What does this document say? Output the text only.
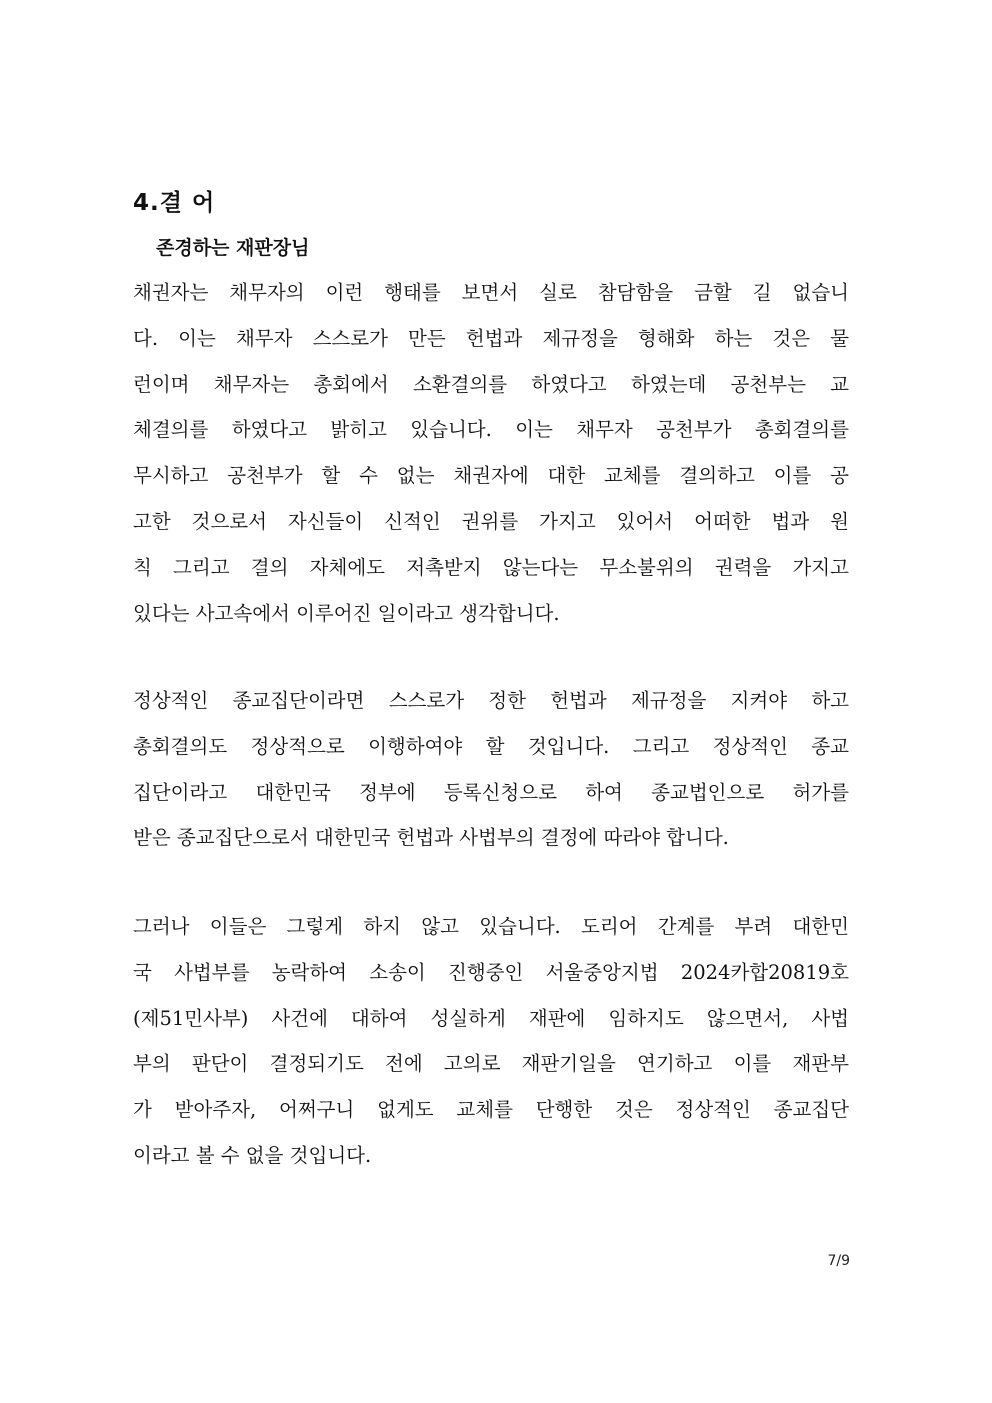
4.결 어

존경하는 재판장님

채권자는 채무자의 이런 행태를 보면서 실로 참담함을 금할 길 없습니
다. 이는 채무자 스스로가 만든 헌법과 제규정을 형해화 하는 것은 물
런이며 채무자는 총회에서 소환결의를 하였다고 하였는데 공천부는 교
체결의를 하였다고 밝히고 있습니다. 이는 채무자 공천부가 총회결의를
무시하고 공천부가 할 수 없는 채권자에 대한 교체를 결의하고 이를 공
고한 것으로서 자신들이 신적인 권위를 가지고 있어서 어떠한 법과 원
칙 그리고 결의 자체에도 저촉받지 않는다는 무소불위의 권력을 가지고
있다는 사고속에서 이루어진 일이라고 생각합니다.
정상적인 종교집단이라면 스스로가 정한 헌법과 제규정을 지켜야 하고
총회결의도 정상적으로 이행하여야 할 것입니다. 그리고 정상적인 종교
집단이라고 대한민국 정부에 등록신청으로 하여 종교법인으로 허가를
받은 종교집단으로서 대한민국 헌법과 사법부의 결정에 따라야 합니다.
그러나 이들은 그렇게 하지 않고 있습니다. 도리어 간계를 부려 대한민
국 사법부를 농락하여 소송이 진행중인 서울중앙지법 2024카합20819호
(제51민사부) 사건에 대하여 성실하게 재판에 임하지도 않으면서, 사법
부의 판단이 결정되기도 전에 고의로 재판기일을 연기하고 이를 재판부
가 받아주자, 어쩌구니 없게도 교체를 단행한 것은 정상적인 종교집단
이라고 볼 수 없을 것입니다.

7/9
